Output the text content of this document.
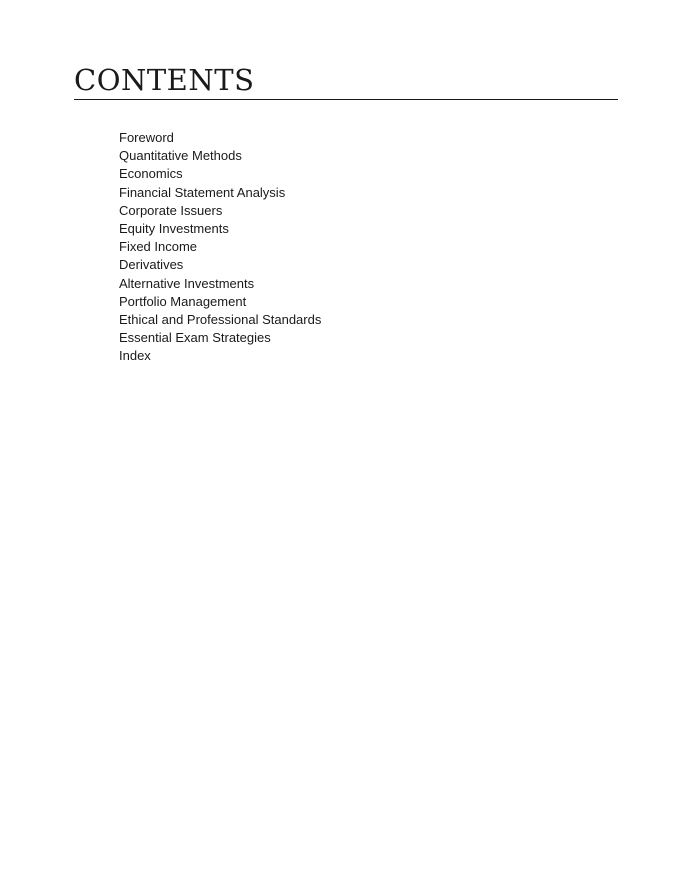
CONTENTS
Foreword
Quantitative Methods
Economics
Financial Statement Analysis
Corporate Issuers
Equity Investments
Fixed Income
Derivatives
Alternative Investments
Portfolio Management
Ethical and Professional Standards
Essential Exam Strategies
Index
